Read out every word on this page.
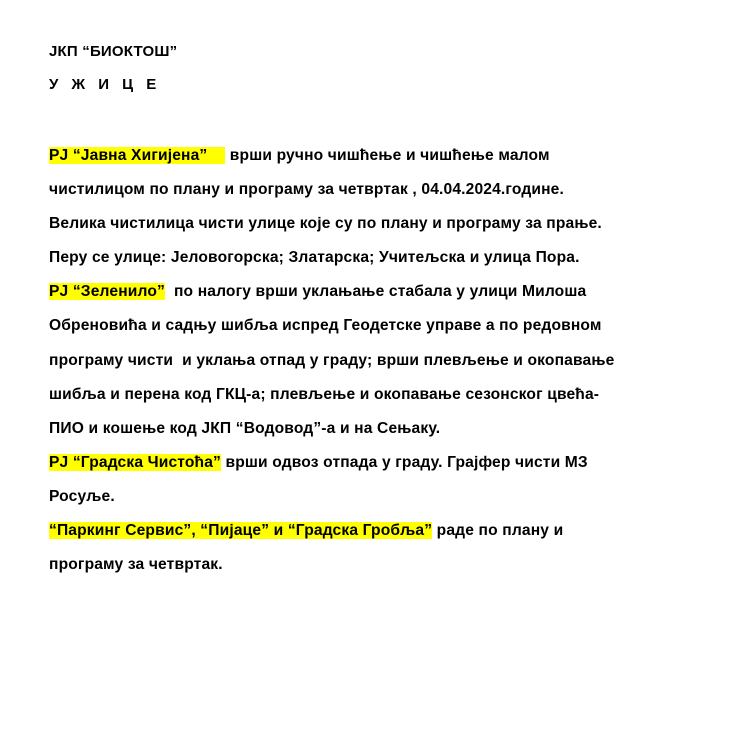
ЈКП “БИОКТОШ”
У Ж И Ц Е
РЈ “Јавна Хигијена”     врши ручно чишћење и чишћење малом
чистилицом по плану и програму за четвртак , 04.04.2024.године.
Велика чистилица чисти улице које су по плану и програму за прање.
Перу се улице: Јеловогорска; Златарска; Учитељска и улица Пора.
РЈ “Зеленило”  по налогу врши уклањање стабала у улици Милоша
Обреновића и садњу шибља испред Геодетске управе а по редовном
програму чисти  и уклања отпад у граду; врши плевљење и окопавање
шибља и перена код ГКЦ-а; плевљење и окопавање сезонског цвећа-
ПИО и кошење код ЈКП “Водовод”-а и на Сењаку.
РЈ “Градска Чистоћа” врши одвоз отпада у граду. Грајфер чисти МЗ
Росуље.
“Паркинг Сервис”, “Пијаце” и “Градска Гробља” раде по плану и
програму за четвртак.
